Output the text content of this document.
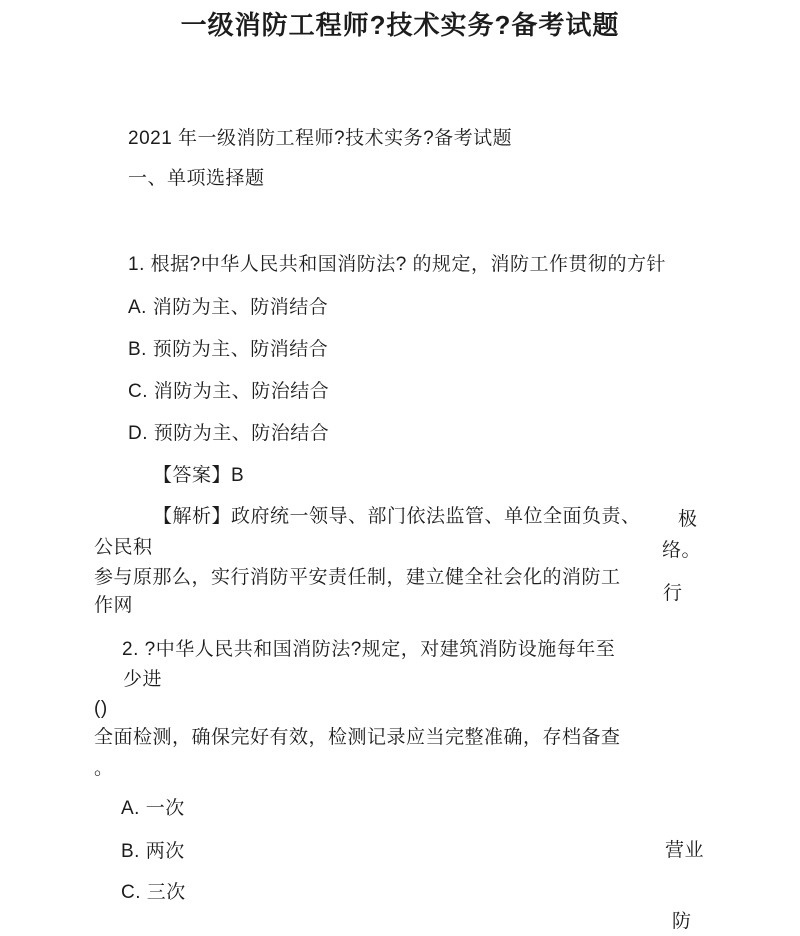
一级消防工程师?技术实务?备考试题
2021 年一级消防工程师?技术实务?备考试题
一、单项选择题
1. 根据?中华人民共和国消防法? 的规定，消防工作贯彻的方针
A. 消防为主、防消结合
B. 预防为主、防消结合
C. 消防为主、防治结合
D. 预防为主、防治结合
【答案】B
【解析】政府统一领导、部门依法监管、单位全面负责、
公民积
参与原那么，实行消防平安责任制，建立健全社会化的消防工
作网
2. ?中华人民共和国消防法?规定，对建筑消防设施每年至
少进
()
全面检测，确保完好有效，检测记录应当完整准确，存档备查
。
A. 一次
B. 两次
C. 三次
极
络。
行
营业
防
